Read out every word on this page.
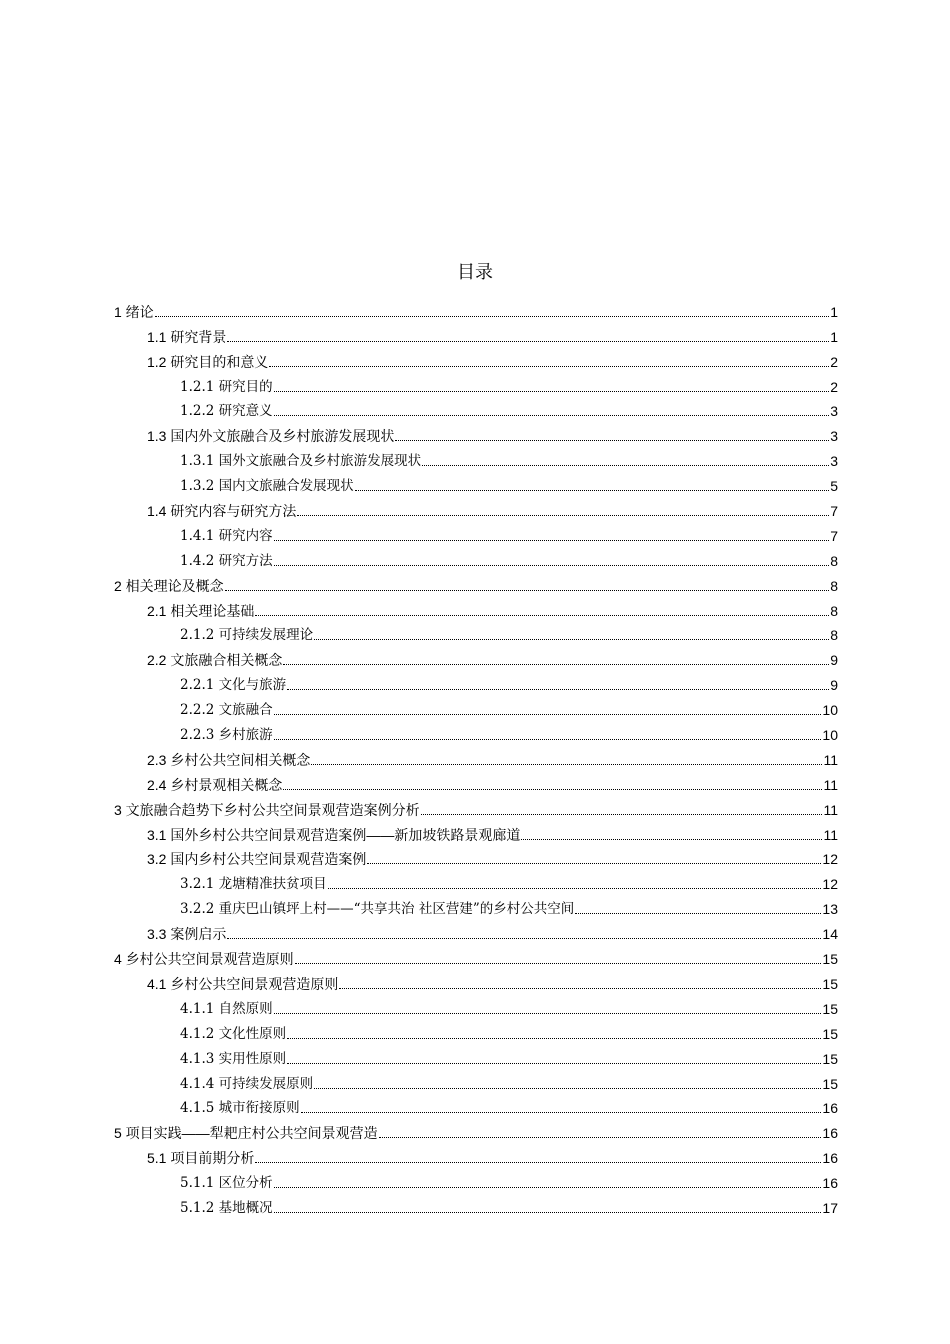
目录
1 绪论	1
1.1 研究背景	1
1.2 研究目的和意义	2
1.2.1 研究目的	2
1.2.2 研究意义	3
1.3 国内外文旅融合及乡村旅游发展现状	3
1.3.1 国外文旅融合及乡村旅游发展现状	3
1.3.2 国内文旅融合发展现状	5
1.4 研究内容与研究方法	7
1.4.1 研究内容	7
1.4.2 研究方法	8
2 相关理论及概念	8
2.1 相关理论基础	8
2.1.2 可持续发展理论	8
2.2 文旅融合相关概念	9
2.2.1 文化与旅游	9
2.2.2 文旅融合	10
2.2.3 乡村旅游	10
2.3 乡村公共空间相关概念	11
2.4 乡村景观相关概念	11
3 文旅融合趋势下乡村公共空间景观营造案例分析	11
3.1 国外乡村公共空间景观营造案例——新加坡铁路景观廊道	11
3.2 国内乡村公共空间景观营造案例	12
3.2.1 龙塘精准扶贫项目	12
3.2.2 重庆巴山镇坪上村——“共享共治 社区营建”的乡村公共空间	13
3.3 案例启示	14
4 乡村公共空间景观营造原则	15
4.1 乡村公共空间景观营造原则	15
4.1.1 自然原则	15
4.1.2 文化性原则	15
4.1.3 实用性原则	15
4.1.4 可持续发展原则	15
4.1.5 城市衔接原则	16
5 项目实践——犁耙庄村公共空间景观营造	16
5.1 项目前期分析	16
5.1.1 区位分析	16
5.1.2 基地概况	17
